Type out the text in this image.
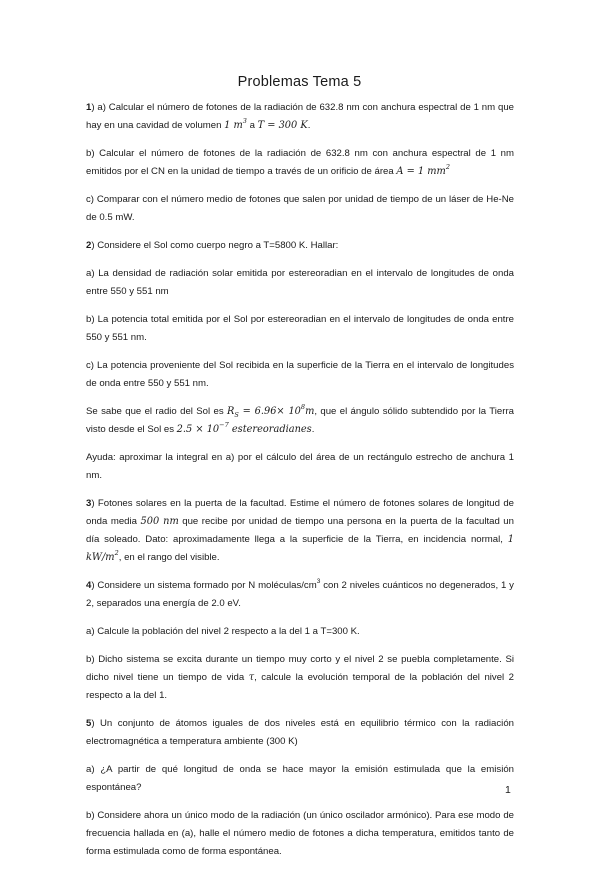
Problemas Tema 5

1) a) Calcular el número de fotones de la radiación de 632.8 nm con anchura espectral de 1 nm que hay en una cavidad de volumen 1 $m^3$ a T = 300 K.

b) Calcular el número de fotones de la radiación de 632.8 nm con anchura espectral de 1 nm emitidos por el CN en la unidad de tiempo a través de un orificio de área A = 1 $mm^2$

c) Comparar con el número medio de fotones que salen por unidad de tiempo de un láser de He-Ne de 0.5 mW.

2) Considere el Sol como cuerpo negro a T=5800 K. Hallar:

a) La densidad de radiación solar emitida por estereoradian en el intervalo de longitudes de onda entre 550 y 551 nm

b) La potencia total emitida por el Sol por estereoradian en el intervalo de longitudes de onda entre 550 y 551 nm.

c) La potencia proveniente del Sol recibida en la superficie de la Tierra en el intervalo de longitudes de onda entre 550 y 551 nm.

Se sabe que el radio del Sol es $R_S = 6.96\times 10^8m$, que el ángulo sólido subtendido por la Tierra visto desde el Sol es $2.5 \times 10^{-7}$ estereoradianes.

Ayuda: aproximar la integral en a) por el cálculo del área de un rectángulo estrecho de anchura 1 nm.

3) Fotones solares en la puerta de la facultad. Estime el número de fotones solares de longitud de onda media 500 nm que recibe por unidad de tiempo una persona en la puerta de la facultad un día soleado. Dato: aproximadamente llega a la superficie de la Tierra, en incidencia normal, 1 $kW/m^2$, en el rango del visible.

4) Considere un sistema formado por N moléculas/$cm^3$ con 2 niveles cuánticos no degenerados, 1 y 2, separados una energía de 2.0 eV.

a) Calcule la población del nivel 2 respecto a la del 1 a T=300 K.

b) Dicho sistema se excita durante un tiempo muy corto y el nivel 2 se puebla completamente. Si dicho nivel tiene un tiempo de vida τ, calcule la evolución temporal de la población del nivel 2 respecto a la del 1.

5) Un conjunto de átomos iguales de dos niveles está en equilibrio térmico con la radiación electromagnética a temperatura ambiente (300 K)

a) ¿A partir de qué longitud de onda se hace mayor la emisión estimulada que la emisión espontánea?

b) Considere ahora un único modo de la radiación (un único oscilador armónico). Para ese modo de frecuencia hallada en (a), halle el número medio de fotones a dicha temperatura, emitidos tanto de forma estimulada como de forma espontánea.

1
